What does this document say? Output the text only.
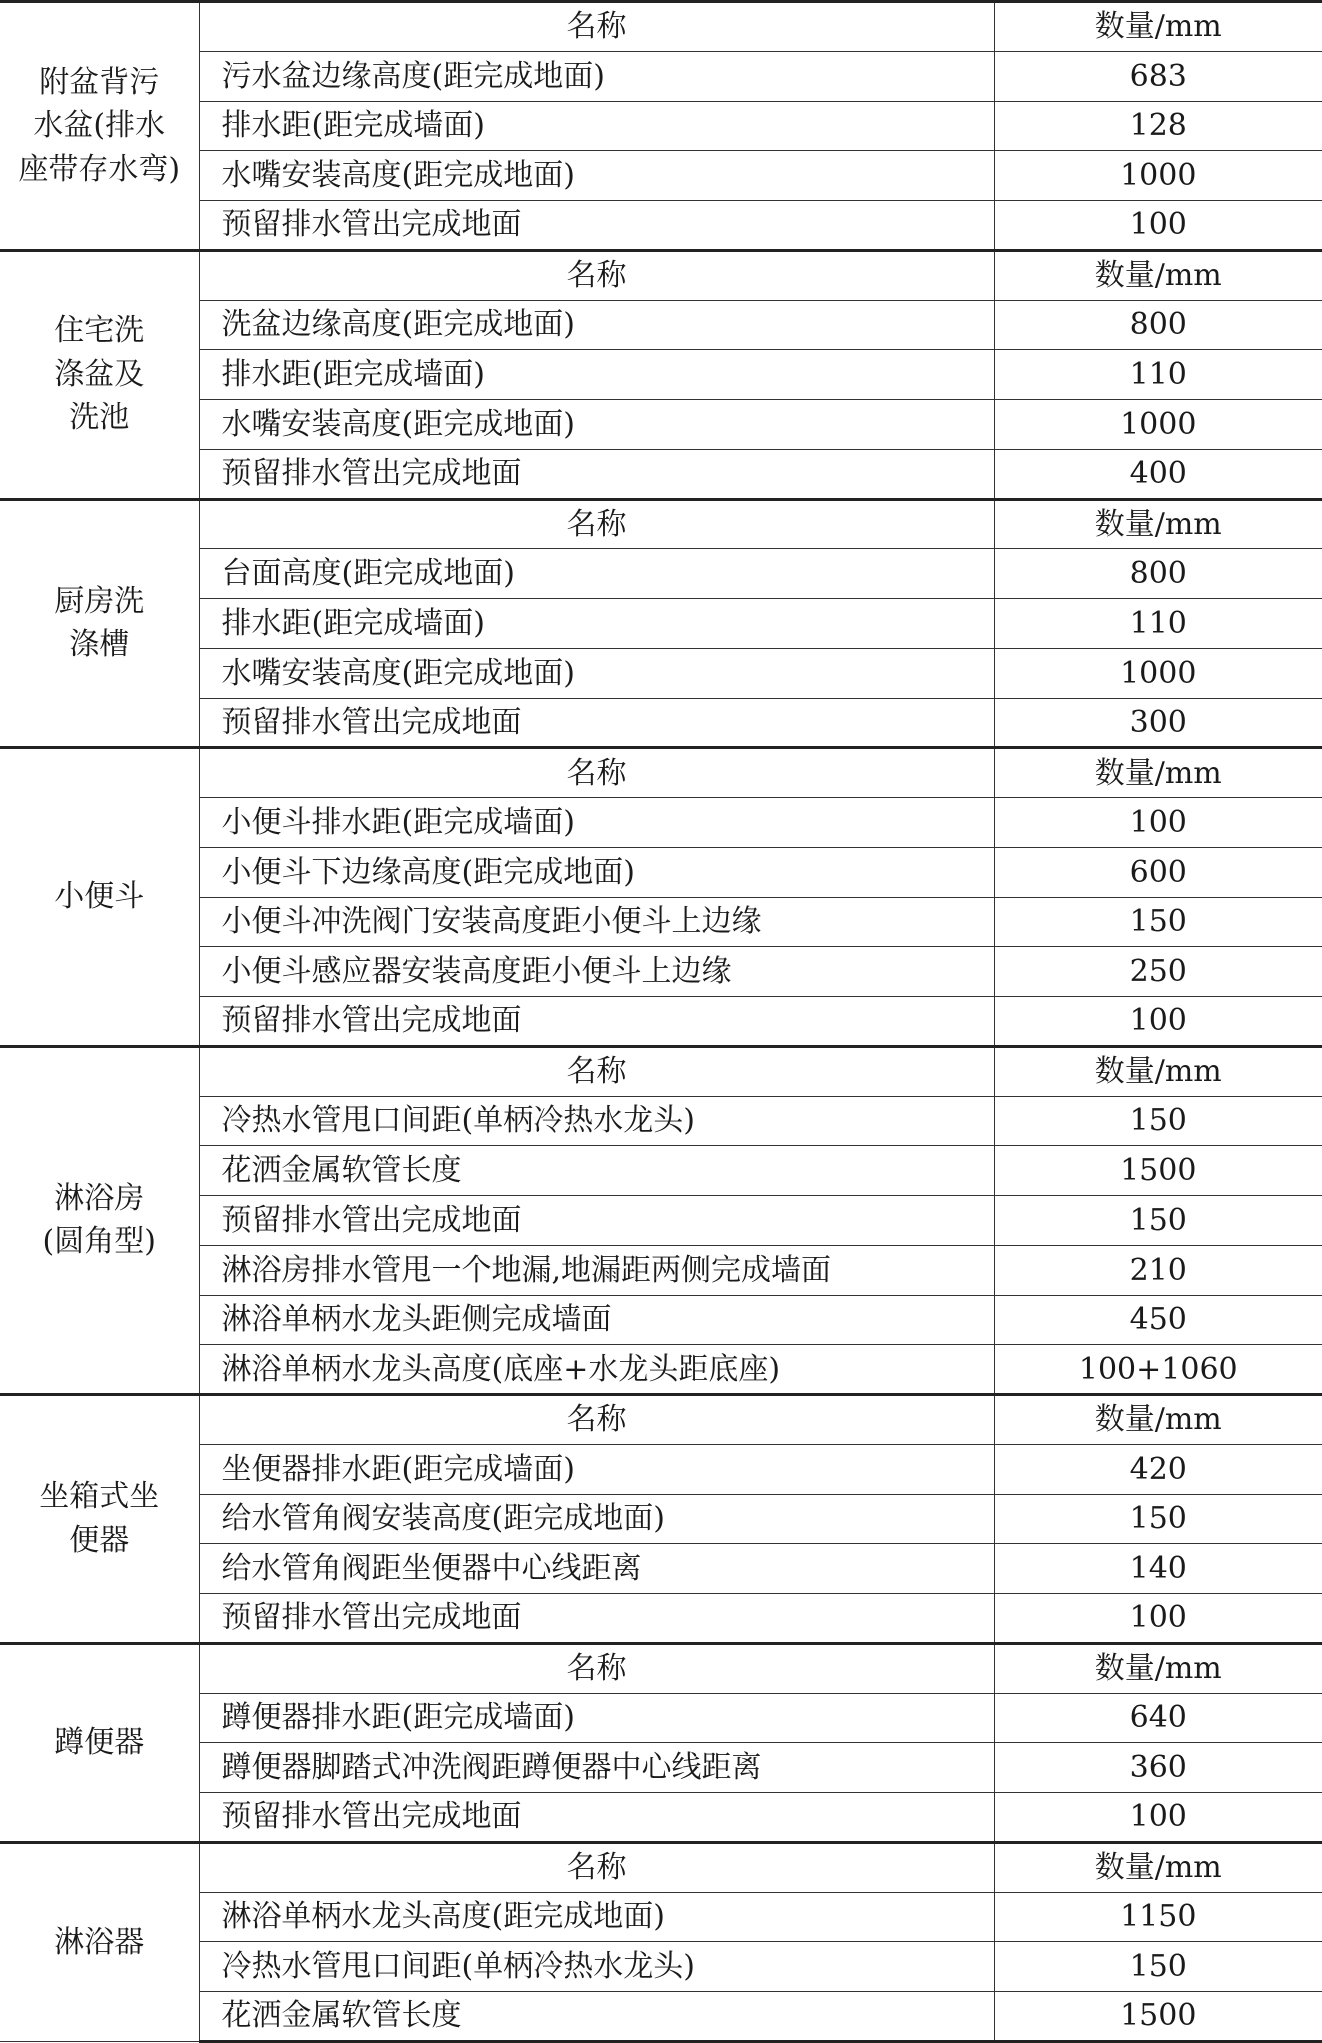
附盆背污
水盆(排水
座带存水弯)	名称	数量/mm
	污水盆边缘高度(距完成地面)	683
	排水距(距完成墙面)	128
	水嘴安装高度(距完成地面)	1000
	预留排水管出完成地面	100
住宅洗
涤盆及
洗池	名称	数量/mm
	洗盆边缘高度(距完成地面)	800
	排水距(距完成墙面)	110
	水嘴安装高度(距完成地面)	1000
	预留排水管出完成地面	400
厨房洗
涤槽	名称	数量/mm
	台面高度(距完成地面)	800
	排水距(距完成墙面)	110
	水嘴安装高度(距完成地面)	1000
	预留排水管出完成地面	300
小便斗	名称	数量/mm
	小便斗排水距(距完成墙面)	100
	小便斗下边缘高度(距完成地面)	600
	小便斗冲洗阀门安装高度距小便斗上边缘	150
	小便斗感应器安装高度距小便斗上边缘	250
	预留排水管出完成地面	100
淋浴房
(圆角型)	名称	数量/mm
	冷热水管甩口间距(单柄冷热水龙头)	150
	花洒金属软管长度	1500
	预留排水管出完成地面	150
	淋浴房排水管甩一个地漏,地漏距两侧完成墙面	210
	淋浴单柄水龙头距侧完成墙面	450
	淋浴单柄水龙头高度(底座+水龙头距底座)	100+1060
坐箱式坐
便器	名称	数量/mm
	坐便器排水距(距完成墙面)	420
	给水管角阀安装高度(距完成地面)	150
	给水管角阀距坐便器中心线距离	140
	预留排水管出完成地面	100
蹲便器	名称	数量/mm
	蹲便器排水距(距完成墙面)	640
	蹲便器脚踏式冲洗阀距蹲便器中心线距离	360
	预留排水管出完成地面	100
淋浴器	名称	数量/mm
	淋浴单柄水龙头高度(距完成地面)	1150
	冷热水管甩口间距(单柄冷热水龙头)	150
	花洒金属软管长度	1500
